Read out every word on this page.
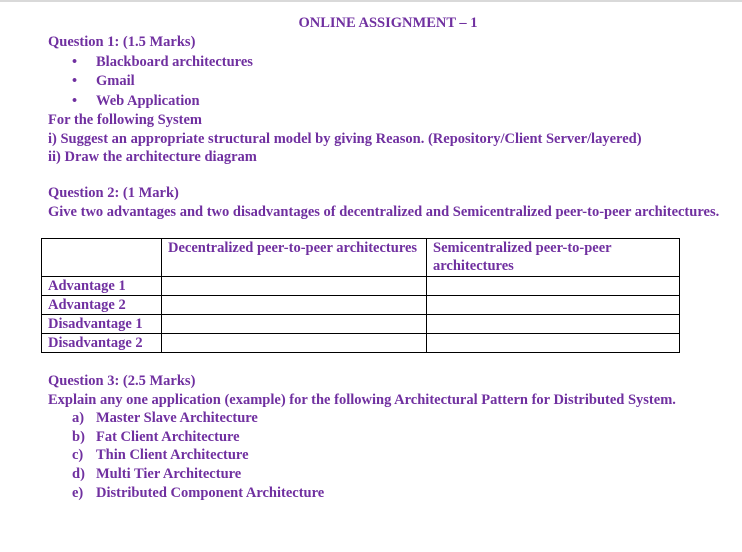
ONLINE ASSIGNMENT – 1
Question 1: (1.5 Marks)
• Blackboard architectures
• Gmail
• Web Application
For the following System
i) Suggest an appropriate structural model by giving Reason. (Repository/Client Server/layered)
ii) Draw the architecture diagram
Question 2: (1 Mark)
Give two advantages and two disadvantages of decentralized and Semicentralized peer-to-peer architectures.
	Decentralized peer-to-peer architectures	Semicentralized peer-to-peer architectures
Advantage 1		
Advantage 2		
Disadvantage 1		
Disadvantage 2		
Question 3: (2.5 Marks)
Explain any one application (example) for the following Architectural Pattern for Distributed System.
a) Master Slave Architecture
b) Fat Client Architecture
c) Thin Client Architecture
d) Multi Tier Architecture
e) Distributed Component Architecture
